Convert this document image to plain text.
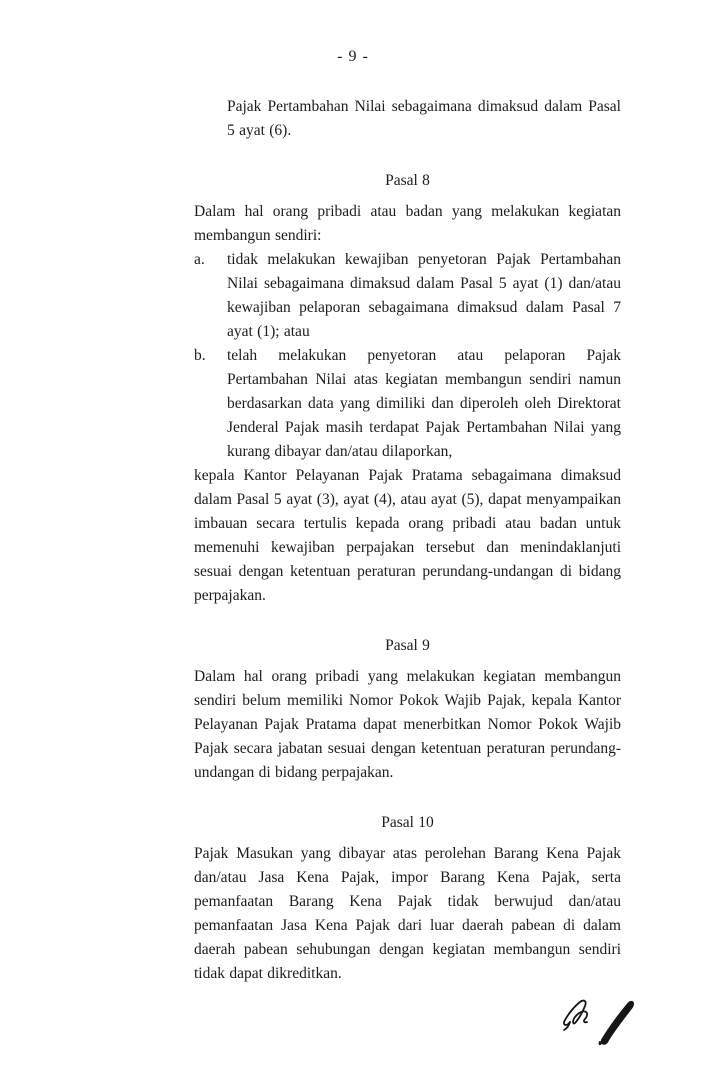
- 9 -

Pajak Pertambahan Nilai sebagaimana dimaksud dalam Pasal 5 ayat (6).

Pasal 8

Dalam hal orang pribadi atau badan yang melakukan kegiatan membangun sendiri:

a. tidak melakukan kewajiban penyetoran Pajak Pertambahan Nilai sebagaimana dimaksud dalam Pasal 5 ayat (1) dan/atau kewajiban pelaporan sebagaimana dimaksud dalam Pasal 7 ayat (1); atau
b. telah melakukan penyetoran atau pelaporan Pajak Pertambahan Nilai atas kegiatan membangun sendiri namun berdasarkan data yang dimiliki dan diperoleh oleh Direktorat Jenderal Pajak masih terdapat Pajak Pertambahan Nilai yang kurang dibayar dan/atau dilaporkan,

kepala Kantor Pelayanan Pajak Pratama sebagaimana dimaksud dalam Pasal 5 ayat (3), ayat (4), atau ayat (5), dapat menyampaikan imbauan secara tertulis kepada orang pribadi atau badan untuk memenuhi kewajiban perpajakan tersebut dan menindaklanjuti sesuai dengan ketentuan peraturan perundang-undangan di bidang perpajakan.

Pasal 9

Dalam hal orang pribadi yang melakukan kegiatan membangun sendiri belum memiliki Nomor Pokok Wajib Pajak, kepala Kantor Pelayanan Pajak Pratama dapat menerbitkan Nomor Pokok Wajib Pajak secara jabatan sesuai dengan ketentuan peraturan perundang-undangan di bidang perpajakan.

Pasal 10

Pajak Masukan yang dibayar atas perolehan Barang Kena Pajak dan/atau Jasa Kena Pajak, impor Barang Kena Pajak, serta pemanfaatan Barang Kena Pajak tidak berwujud dan/atau pemanfaatan Jasa Kena Pajak dari luar daerah pabean di dalam daerah pabean sehubungan dengan kegiatan membangun sendiri tidak dapat dikreditkan.
